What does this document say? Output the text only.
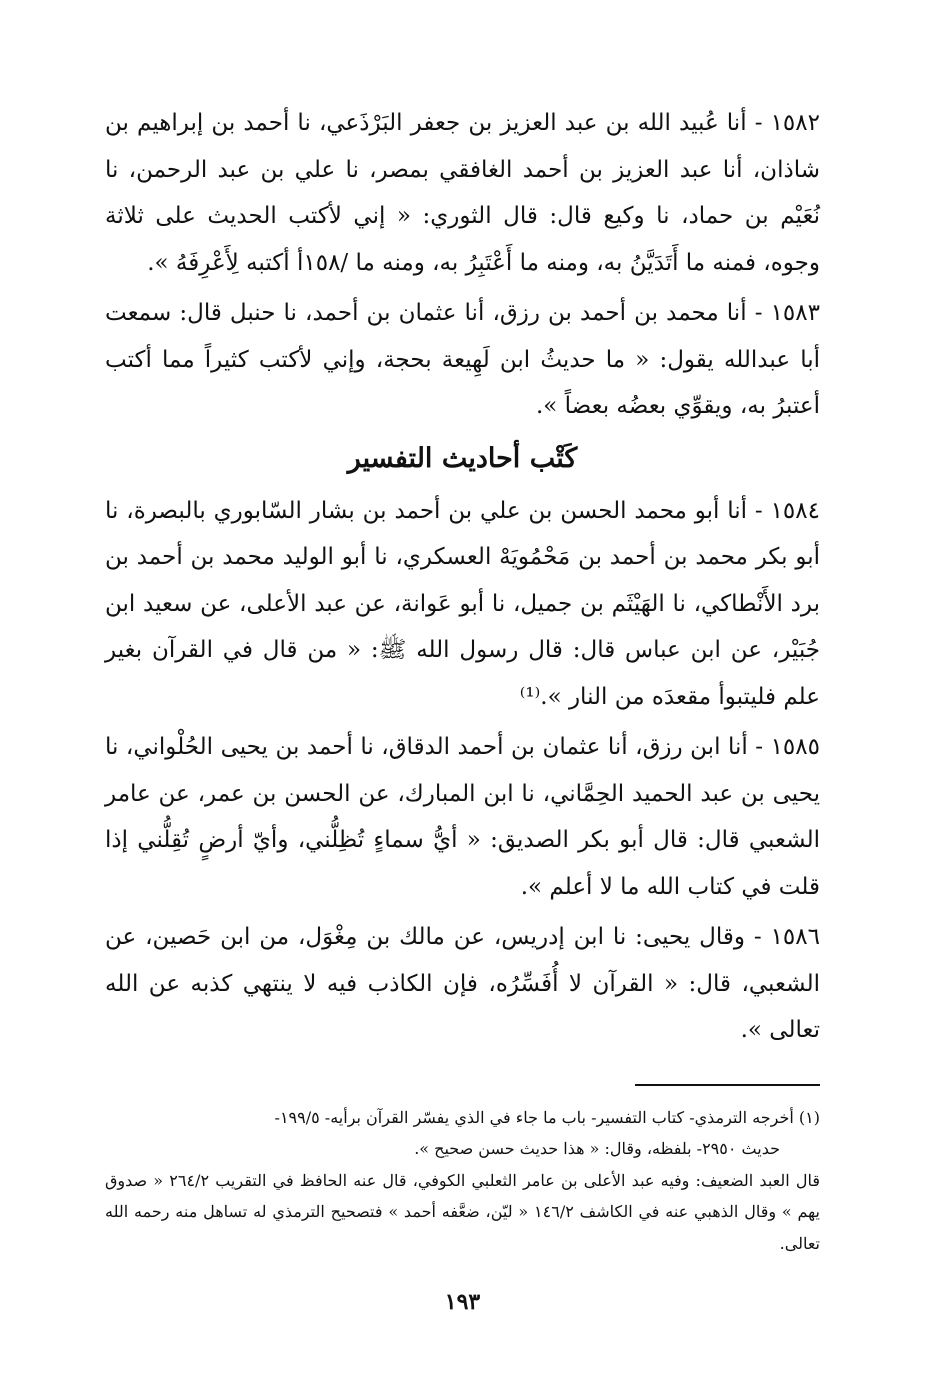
١٥٨٢ - أنا عُبيد الله بن عبد العزيز بن جعفر البَرْذَعي، نا أحمد بن إبراهيم بن شاذان، أنا عبد العزيز بن أحمد الغافقي بمصر، نا علي بن عبد الرحمن، نا نُعَيْم بن حماد، نا وكيع قال: قال الثوري: « إني لأكتب الحديث على ثلاثة وجوه، فمنه ما أَتَدَيَّنُ به، ومنه ما أَعْتَبِرُ به، ومنه ما /١٥٨أ أكتبه لِأَعْرِفَهُ ».

١٥٨٣ - أنا محمد بن أحمد بن رزق، أنا عثمان بن أحمد، نا حنبل قال: سمعت أبا عبدالله يقول: « ما حديثُ ابن لَهِيعة بحجة، وإني لأكتب كثيراً مما أكتب أعتبرُ به، ويقوِّي بعضُه بعضاً ».

كَتْب أحاديث التفسير

١٥٨٤ - أنا أبو محمد الحسن بن علي بن أحمد بن بشار السّابوري بالبصرة، نا أبو بكر محمد بن أحمد بن مَحْمُويَهْ العسكري، نا أبو الوليد محمد بن أحمد بن برد الأَنْطاكي، نا الهَيْثَم بن جميل، نا أبو عَوانة، عن عبد الأعلى، عن سعيد ابن جُبَيْر، عن ابن عباس قال: قال رسول الله ﷺ: « من قال في القرآن بغير علم فليتبوأ مقعدَه من النار ».⁽¹⁾

١٥٨٥ - أنا ابن رزق، أنا عثمان بن أحمد الدقاق، نا أحمد بن يحيى الحُلْواني، نا يحيى بن عبد الحميد الحِمَّاني، نا ابن المبارك، عن الحسن بن عمر، عن عامر الشعبي قال: قال أبو بكر الصديق: « أيُّ سماءٍ تُظِلُّني، وأيّ أرضٍ تُقِلُّني إذا قلت في كتاب الله ما لا أعلم ».

١٥٨٦ - وقال يحيى: نا ابن إدريس، عن مالك بن مِغْوَل، من ابن حَصين، عن الشعبي، قال: « القرآن لا أُفَسِّرُه، فإن الكاذب فيه لا ينتهي كذبه عن الله تعالى ».

(١) أخرجه الترمذي- كتاب التفسير- باب ما جاء في الذي يفسّر القرآن برأيه- ١٩٩/٥-

حديث ٢٩٥٠- بلفظه، وقال: « هذا حديث حسن صحيح ».

قال العبد الضعيف: وفيه عبد الأعلى بن عامر الثعلبي الكوفي، قال عنه الحافظ في التقريب ٢٦٤/٢ « صدوق يهم » وقال الذهبي عنه في الكاشف ١٤٦/٢ « ليّن، ضعَّفه أحمد » فتصحيح الترمذي له تساهل منه رحمه الله تعالى.

١٩٣
